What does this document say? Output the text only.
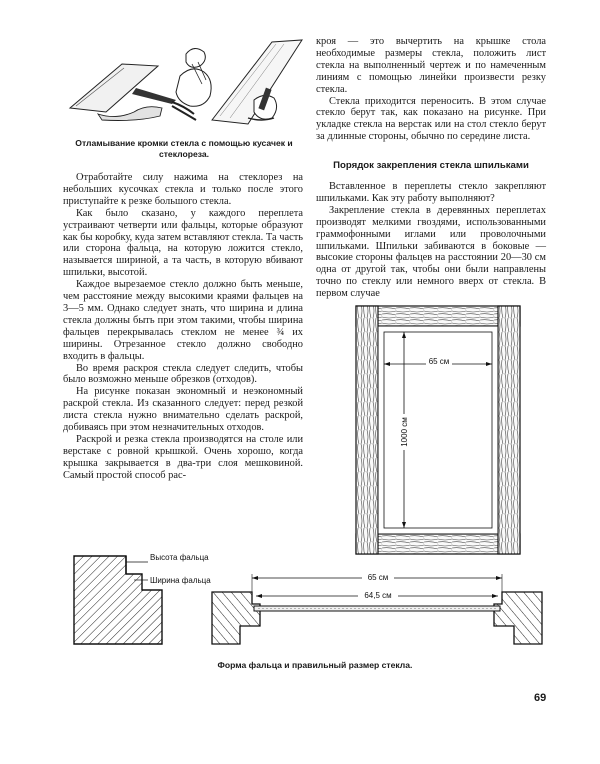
Отламывание кромки стекла с помощью кусачек и стеклореза.

Отработайте силу нажима на стеклорез на небольших кусочках стекла и только после этого приступайте к резке большого стекла.

Как было сказано, у каждого переплета устраивают четверти или фальцы, которые образуют как бы коробку, куда затем вставляют стекла. Та часть или сторона фальца, на которую ложится стекло, называется шириной, а та часть, в которую вбивают шпильки, высотой.

Каждое вырезаемое стекло должно быть меньше, чем расстояние между высокими краями фальцев на 3—5 мм. Однако следует знать, что ширина и длина стекла должны быть при этом такими, чтобы ширина фальцев перекрывалась стеклом не менее ¾ их ширины. Отрезанное стекло должно свободно входить в фальцы.

Во время раскроя стекла следует следить, чтобы было возможно меньше обрезков (отходов).

На рисунке показан экономный и неэкономный раскрой стекла. Из сказанного следует: перед резкой листа стекла нужно внимательно сделать раскрой, добиваясь при этом незначительных отходов.

Раскрой и резка стекла производятся на столе или верстаке с ровной крышкой. Очень хорошо, когда крышка закрывается в два-три слоя мешковиной. Самый простой способ рас-

кроя — это вычертить на крышке стола необходимые размеры стекла, положить лист стекла на выполненный чертеж и по намеченным линиям с помощью линейки произвести резку стекла.

Стекла приходится переносить. В этом случае стекло берут так, как показано на рисунке. При укладке стекла на верстак или на стол стекло берут за длинные стороны, обычно по середине листа.

Порядок закрепления стекла шпильками

Вставленное в переплеты стекло закрепляют шпильками. Как эту работу выполняют?

Закрепление стекла в деревянных переплетах производят мелкими гвоздями, использованными граммофонными иглами или проволочными шпильками. Шпильки забиваются в боковые — высокие стороны фальцев на расстоянии 20—30 см одна от другой так, чтобы они были направлены точно по стеклу или немного вверх от стекла. В первом случае

65 см
1000 см
Высота фальца
Ширина фальца	65 см
64,5 см
Форма фальца и правильный размер стекла.
69
